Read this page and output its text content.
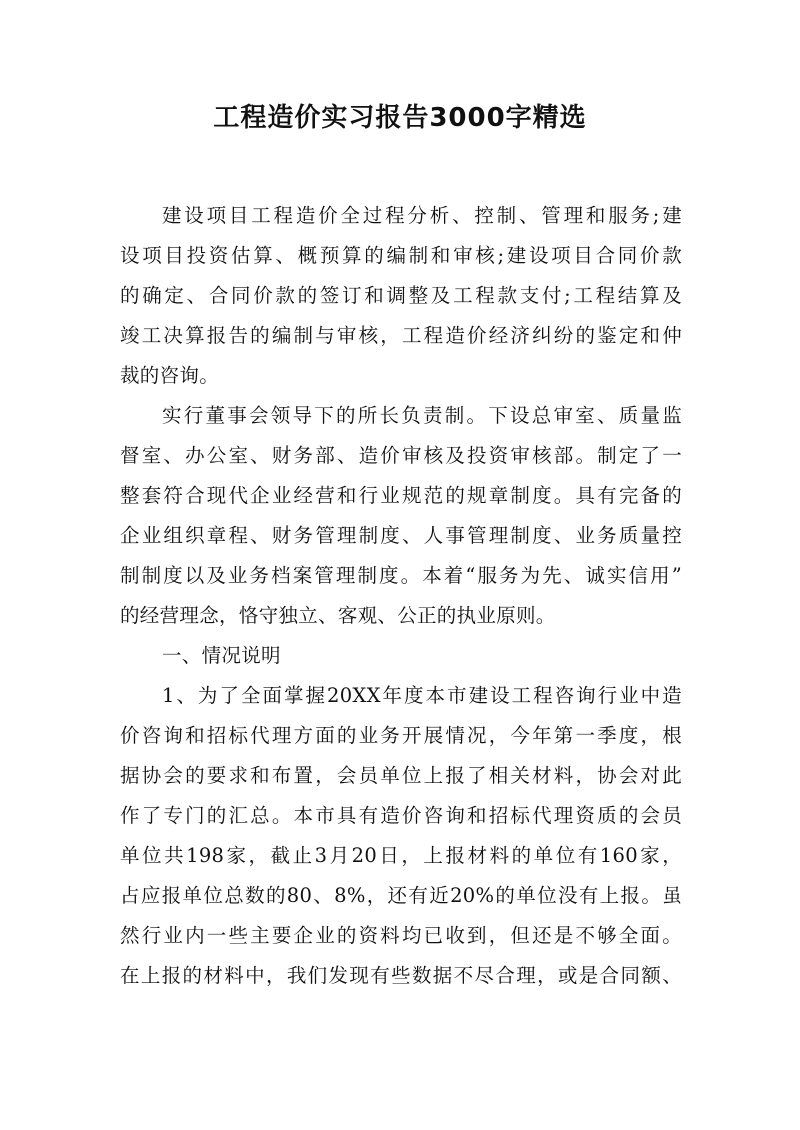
工程造价实习报告3000字精选
建设项目工程造价全过程分析、控制、管理和服务;建
设项目投资估算、概预算的编制和审核;建设项目合同价款
的确定、合同价款的签订和调整及工程款支付;工程结算及
竣工决算报告的编制与审核，工程造价经济纠纷的鉴定和仲
裁的咨询。
实行董事会领导下的所长负责制。下设总审室、质量监
督室、办公室、财务部、造价审核及投资审核部。制定了一
整套符合现代企业经营和行业规范的规章制度。具有完备的
企业组织章程、财务管理制度、人事管理制度、业务质量控
制制度以及业务档案管理制度。本着“服务为先、诚实信用”
的经营理念，恪守独立、客观、公正的执业原则。
一、情况说明
1、为了全面掌握20XX年度本市建设工程咨询行业中造
价咨询和招标代理方面的业务开展情况，今年第一季度，根
据协会的要求和布置，会员单位上报了相关材料，协会对此
作了专门的汇总。本市具有造价咨询和招标代理资质的会员
单位共198家，截止3月20日，上报材料的单位有160家，
占应报单位总数的80、8%，还有近20%的单位没有上报。虽
然行业内一些主要企业的资料均已收到，但还是不够全面。
在上报的材料中，我们发现有些数据不尽合理，或是合同额、
